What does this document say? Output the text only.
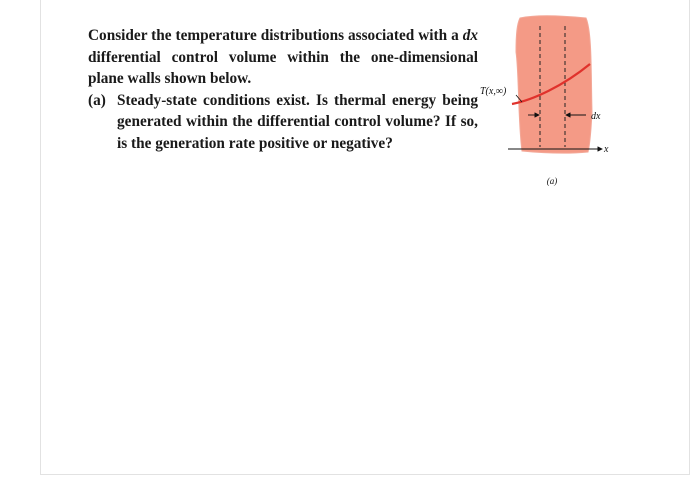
Consider the temperature distributions associated with a dx differential control volume within the one-dimensional plane walls shown below.
(a) Steady-state conditions exist. Is thermal energy being generated within the differential control volume? If so, is the generation rate positive or negative?
T(x,∞)
dx
x
(a)
